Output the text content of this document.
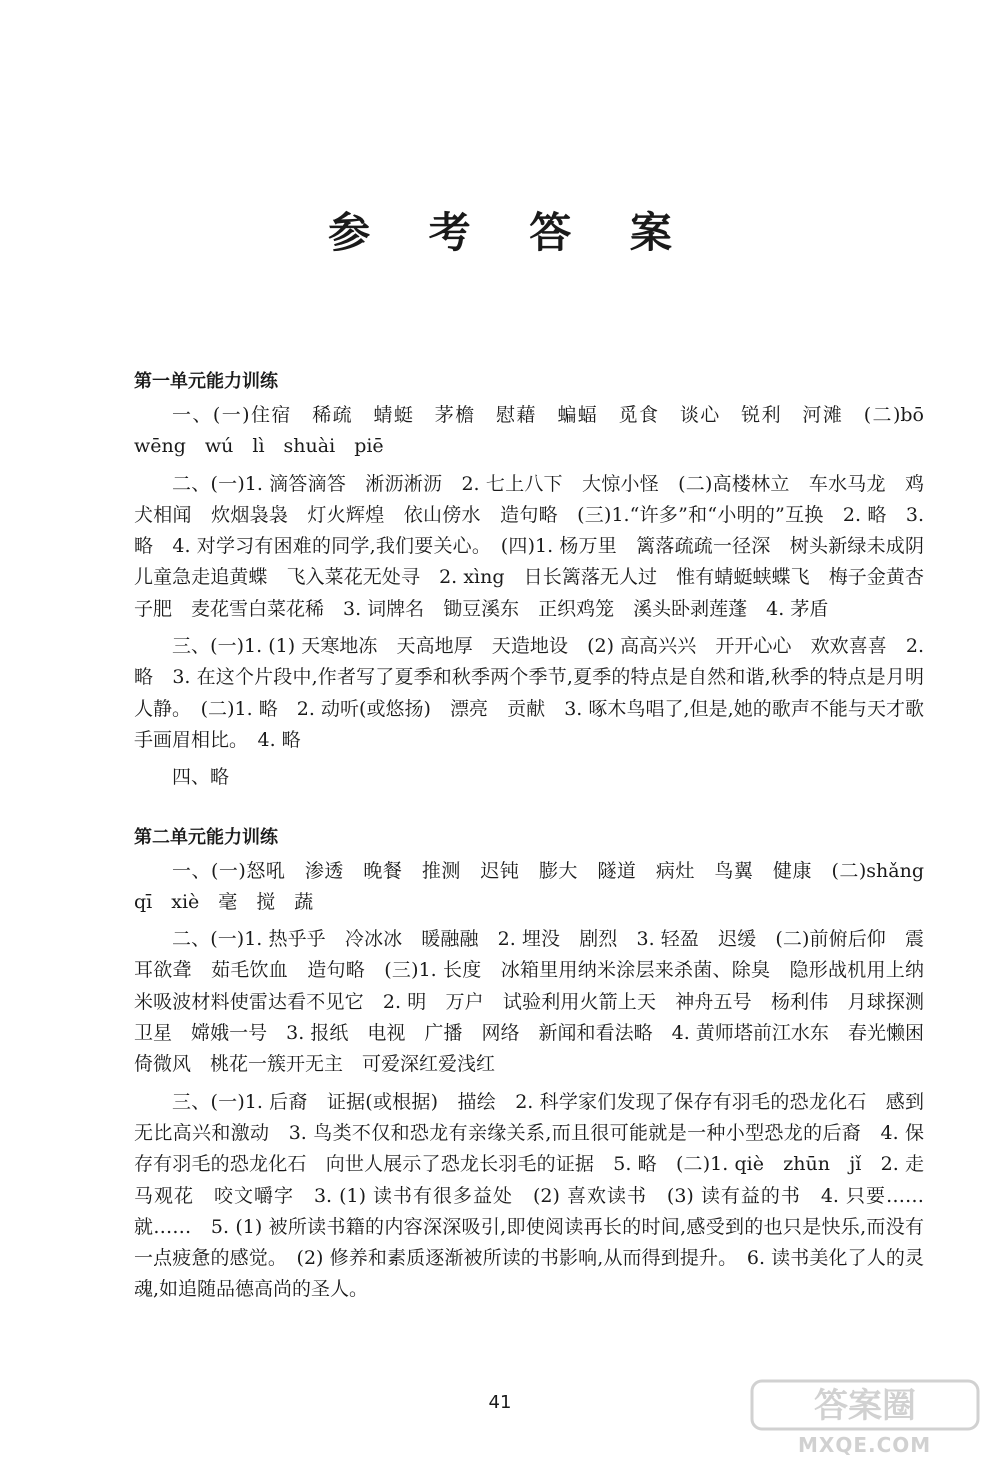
参 考 答 案
第一单元能力训练

一、(一)住宿　稀疏　蜻蜓　茅檐　慰藉　蝙蝠　觅食　谈心　锐利　河滩　(二)bō　wēng　wú　lì　shuài　piē

二、(一)1. 滴答滴答　淅沥淅沥　2. 七上八下　大惊小怪　(二)高楼林立　车水马龙　鸡犬相闻　炊烟袅袅　灯火辉煌　依山傍水　造句略　(三)1.“许多”和“小明的”互换　2. 略　3. 略　4. 对学习有困难的同学,我们要关心。　(四)1. 杨万里　篱落疏疏一径深　树头新绿未成阴　儿童急走追黄蝶　飞入菜花无处寻　2. xìng　日长篱落无人过　惟有蜻蜓蛱蝶飞　梅子金黄杏子肥　麦花雪白菜花稀　3. 词牌名　锄豆溪东　正织鸡笼　溪头卧剥莲蓬　4. 茅盾

三、(一)1. (1) 天寒地冻　天高地厚　天造地设　(2) 高高兴兴　开开心心　欢欢喜喜　2. 略　3. 在这个片段中,作者写了夏季和秋季两个季节,夏季的特点是自然和谐,秋季的特点是月明人静。　(二)1. 略　2. 动听(或悠扬)　漂亮　贡献　3. 啄木鸟唱了,但是,她的歌声不能与天才歌手画眉相比。　4. 略

四、略

第二单元能力训练

一、(一)怒吼　渗透　晚餐　推测　迟钝　膨大　隧道　病灶　鸟翼　健康　(二)shǎng　qī　xiè　毫　搅　蔬

二、(一)1. 热乎乎　冷冰冰　暖融融　2. 埋没　剧烈　3. 轻盈　迟缓　(二)前俯后仰　震耳欲聋　茹毛饮血　造句略　(三)1. 长度　冰箱里用纳米涂层来杀菌、除臭　隐形战机用上纳米吸波材料使雷达看不见它　2. 明　万户　试验利用火箭上天　神舟五号　杨利伟　月球探测卫星　嫦娥一号　3. 报纸　电视　广播　网络　新闻和看法略　4. 黄师塔前江水东　春光懒困倚微风　桃花一簇开无主　可爱深红爱浅红

三、(一)1. 后裔　证据(或根据)　描绘　2. 科学家们发现了保存有羽毛的恐龙化石　感到无比高兴和激动　3. 鸟类不仅和恐龙有亲缘关系,而且很可能就是一种小型恐龙的后裔　4. 保存有羽毛的恐龙化石　向世人展示了恐龙长羽毛的证据　5. 略　(二)1. qiè　zhūn　jǐ　2. 走马观花　咬文嚼字　3. (1) 读书有很多益处　(2) 喜欢读书　(3) 读有益的书　4. 只要……就……　5. (1) 被所读书籍的内容深深吸引,即使阅读再长的时间,感受到的也只是快乐,而没有一点疲惫的感觉。　(2) 修养和素质逐渐被所读的书影响,从而得到提升。　6. 读书美化了人的灵魂,如追随品德高尚的圣人。

41	答案圈
MXQE.COM
